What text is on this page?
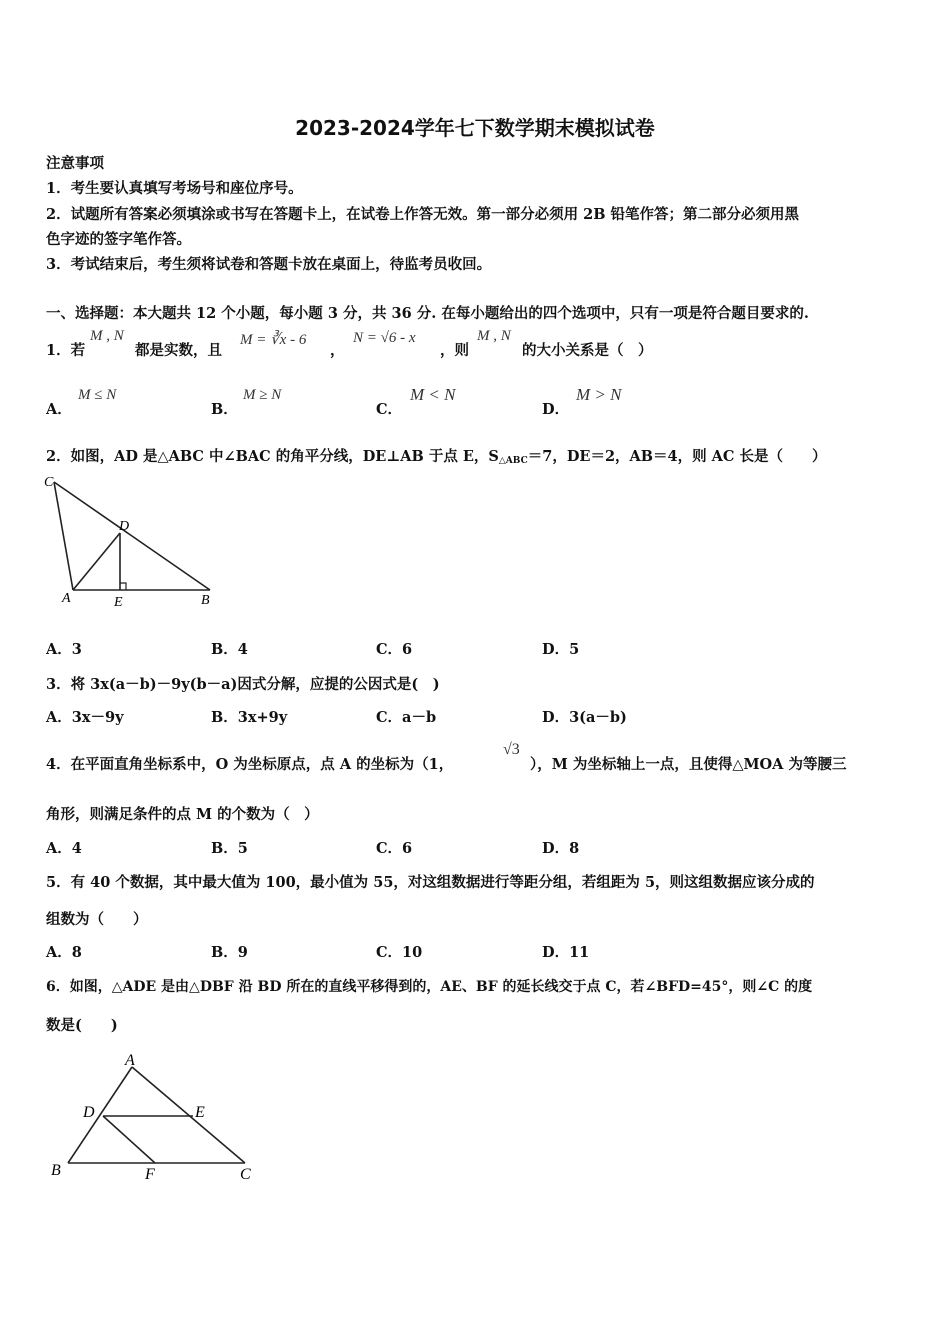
2023-2024学年七下数学期末模拟试卷
注意事项
1．考生要认真填写考场号和座位序号。
2．试题所有答案必须填涂或书写在答题卡上，在试卷上作答无效。第一部分必须用 2B 铅笔作答；第二部分必须用黑
色字迹的签字笔作答。
3．考试结束后，考生须将试卷和答题卡放在桌面上，待监考员收回。
一、选择题：本大题共 12 个小题，每小题 3 分，共 36 分. 在每小题给出的四个选项中，只有一项是符合题目要求的.
1．若
M , N
都是实数，且
M = ∛x - 6
，
N = √6 - x
，则
M , N
的大小关系是（　）
A．
M ≤ N
B．
M ≥ N
C．
M < N
D．
M > N
2．如图，AD 是△ABC 中∠BAC 的角平分线，DE⊥AB 于点 E，$S_{\triangle ABC}=7$，DE＝2，AB＝4，则 AC 长是（　　）
C
D
A	E	B
A．3	B．4	C．6	D．5
3．将 3x(a－b)－9y(b－a)因式分解，应提的公因式是(　)
A．3x－9y	B．3x+9y	C．a－b	D．3(a－b)
4．在平面直角坐标系中，O 为坐标原点，点 A 的坐标为（1，
√3
），M 为坐标轴上一点，且使得△MOA 为等腰三
角形，则满足条件的点 M 的个数为（　）
A．4	B．5	C．6	D．8
5．有 40 个数据，其中最大值为 100，最小值为 55，对这组数据进行等距分组，若组距为 5，则这组数据应该分成的
组数为（　　）
A．8	B．9	C．10	D．11
6．如图，△ADE 是由△DBF 沿 BD 所在的直线平移得到的，AE、BF 的延长线交于点 C，若∠BFD=45°，则∠C 的度
数是(　　)
A
D	E
B	F	C
